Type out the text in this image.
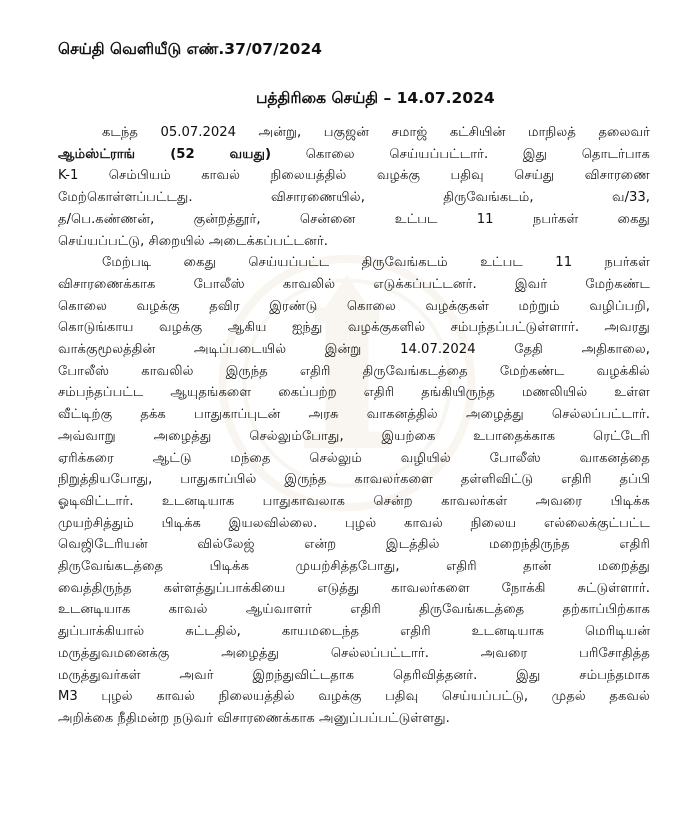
செய்தி வெளியீடு எண்.37/07/2024
பத்திரிகை செய்தி – 14.07.2024
கடந்த 05.07.2024 அன்று, பகுஜன் சமாஜ் கட்சியின் மாநிலத் தலைவர்
ஆம்ஸ்ட்ராங் (52 வயது) கொலை செய்யப்பட்டார். இது தொடர்பாக
K-1 செம்பியம் காவல் நிலையத்தில் வழக்கு பதிவு செய்து விசாரணை
மேற்கொள்ளப்பட்டது. விசாரணையில், திருவேங்கடம், வ/33,
த/பெ.கண்ணன், குன்றத்தூர், சென்னை உட்பட 11 நபர்கள் கைது
செய்யப்பட்டு, சிறையில் அடைக்கப்பட்டனர்.
மேற்படி கைது செய்யப்பட்ட திருவேங்கடம் உட்பட 11 நபர்கள்
விசாரணைக்காக போலீஸ் காவலில் எடுக்கப்பட்டனர். இவர் மேற்கண்ட
கொலை வழக்கு தவிர இரண்டு கொலை வழக்குகள் மற்றும் வழிப்பறி,
கொடுங்காய வழக்கு ஆகிய ஐந்து வழக்குகளில் சம்பந்தப்பட்டுள்ளார். அவரது
வாக்குமூலத்தின் அடிப்படையில் இன்று 14.07.2024 தேதி அதிகாலை,
போலீஸ் காவலில் இருந்த எதிரி திருவேங்கடத்தை மேற்கண்ட வழக்கில்
சம்பந்தப்பட்ட ஆயுதங்களை கைப்பற்ற எதிரி தங்கியிருந்த மணலியில் உள்ள
வீட்டிற்கு தக்க பாதுகாப்புடன் அரசு வாகனத்தில் அழைத்து செல்லப்பட்டார்.
அவ்வாறு அழைத்து செல்லும்போது, இயற்கை உபாதைக்காக ரெட்டேரி
ஏரிக்கரை ஆட்டு மந்தை செல்லும் வழியில் போலீஸ் வாகனத்தை
நிறுத்தியபோது, பாதுகாப்பில் இருந்த காவலர்களை தள்ளிவிட்டு எதிரி தப்பி
ஓடிவிட்டார். உடனடியாக பாதுகாவலாக சென்ற காவலர்கள் அவரை பிடிக்க
முயற்சித்தும் பிடிக்க இயலவில்லை. புழல் காவல் நிலைய எல்லைக்குட்பட்ட
வெஜிடேரியன் வில்லேஜ் என்ற இடத்தில் மறைந்திருந்த எதிரி
திருவேங்கடத்தை பிடிக்க முயற்சித்தபோது, எதிரி தான் மறைத்து
வைத்திருந்த கள்ளத்துப்பாக்கியை எடுத்து காவலர்களை நோக்கி சுட்டுள்ளார்.
உடனடியாக காவல் ஆய்வாளர் எதிரி திருவேங்கடத்தை தற்காப்பிற்காக
துப்பாக்கியால் சுட்டதில், காயமடைந்த எதிரி உடனடியாக மெரிடியன்
மருத்துவமனைக்கு அழைத்து செல்லப்பட்டார். அவரை பரிசோதித்த
மருத்துவர்கள் அவர் இறந்துவிட்டதாக தெரிவித்தனர். இது சம்பந்தமாக
M3 புழல் காவல் நிலையத்தில் வழக்கு பதிவு செய்யப்பட்டு, முதல் தகவல்
அறிக்கை நீதிமன்ற நடுவர் விசாரணைக்காக அனுப்பப்பட்டுள்ளது.
